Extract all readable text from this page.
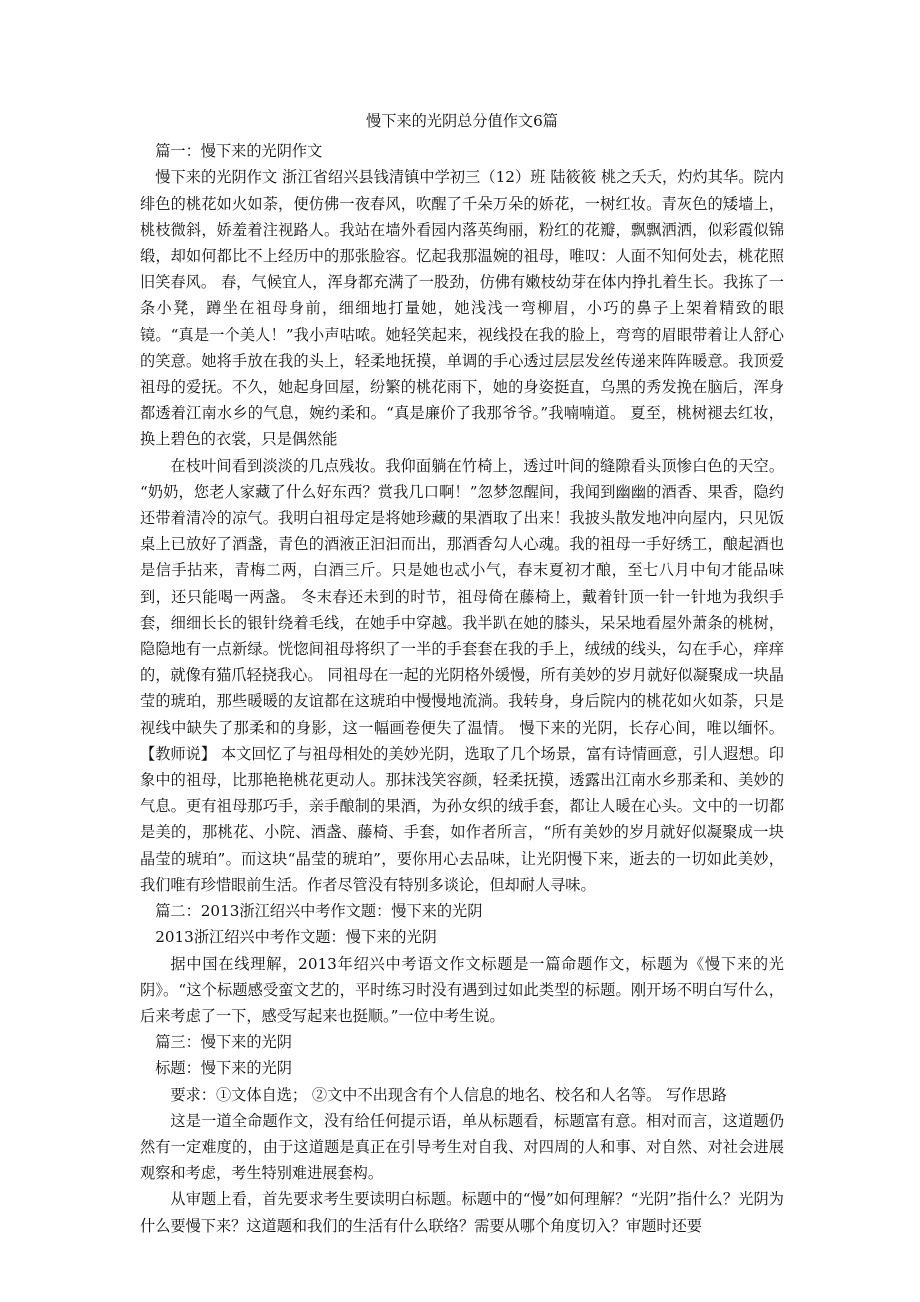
慢下来的光阴总分值作文6篇

篇一：慢下来的光阴作文

慢下来的光阴作文 浙江省绍兴县钱清镇中学初三（12）班 陆筱筱 桃之夭夭，灼灼其华。院内绯色的桃花如火如荼，便仿佛一夜春风，吹醒了千朵万朵的娇花，一树红妆。青灰色的矮墙上，桃枝微斜，娇羞着注视路人。我站在墙外看园内落英绚丽，粉红的花瓣，飘飘洒洒，似彩霞似锦缎，却如何都比不上经历中的那张脸容。忆起我那温婉的祖母，唯叹：人面不知何处去，桃花照旧笑春风。 春，气候宜人，浑身都充满了一股劲，仿佛有嫩枝幼芽在体内挣扎着生长。我拣了一条小凳，蹲坐在祖母身前，细细地打量她，她浅浅一弯柳眉，小巧的鼻子上架着精致的眼镜。“真是一个美人！”我小声咕哝。她轻笑起来，视线投在我的脸上，弯弯的眉眼带着让人舒心的笑意。她将手放在我的头上，轻柔地抚摸，单调的手心透过层层发丝传递来阵阵暖意。我顶爱祖母的爱抚。不久，她起身回屋，纷繁的桃花雨下，她的身姿挺直，乌黑的秀发挽在脑后，浑身都透着江南水乡的气息，婉约柔和。“真是廉价了我那爷爷。”我喃喃道。 夏至，桃树褪去红妆，换上碧色的衣裳，只是偶然能

在枝叶间看到淡淡的几点残妆。我仰面躺在竹椅上，透过叶间的缝隙看头顶惨白色的天空。 “奶奶，您老人家藏了什么好东西？赏我几口啊！”忽梦忽醒间，我闻到幽幽的酒香、果香，隐约还带着清冷的凉气。我明白祖母定是将她珍藏的果酒取了出来！我披头散发地冲向屋内，只见饭桌上已放好了酒盏，青色的酒液正汩汩而出，那酒香勾人心魂。我的祖母一手好绣工，酿起酒也是信手拈来，青梅二两，白酒三斤。只是她也忒小气，春末夏初才酿，至七八月中旬才能品味到，还只能喝一两盏。 冬末春还未到的时节，祖母倚在藤椅上，戴着针顶一针一针地为我织手套，细细长长的银针绕着毛线，在她手中穿越。我半趴在她的膝头，呆呆地看屋外萧条的桃树，隐隐地有一点新绿。恍惚间祖母将织了一半的手套套在我的手上，绒绒的线头，勾在手心，痒痒的，就像有猫爪轻挠我心。 同祖母在一起的光阴格外缓慢，所有美妙的岁月就好似凝聚成一块晶莹的琥珀，那些暖暖的友谊都在这琥珀中慢慢地流淌。我转身，身后院内的桃花如火如荼，只是视线中缺失了那柔和的身影，这一幅画卷便失了温情。 慢下来的光阴，长存心间，唯以缅怀。 【教师说】 本文回忆了与祖母相处的美妙光阴，选取了几个场景，富有诗情画意，引人遐想。印象中的祖母，比那艳艳桃花更动人。那抹浅笑容颜，轻柔抚摸，透露出江南水乡那柔和、美妙的气息。更有祖母那巧手，亲手酿制的果酒，为孙女织的绒手套，都让人暖在心头。文中的一切都是美的，那桃花、小院、酒盏、藤椅、手套，如作者所言，“所有美妙的岁月就好似凝聚成一块晶莹的琥珀”。而这块“晶莹的琥珀”，要你用心去品味，让光阴慢下来，逝去的一切如此美妙，我们唯有珍惜眼前生活。作者尽管没有特别多谈论，但却耐人寻味。

篇二：2013浙江绍兴中考作文题：慢下来的光阴

2013浙江绍兴中考作文题：慢下来的光阴

据中国在线理解，2013年绍兴中考语文作文标题是一篇命题作文，标题为《慢下来的光阴》。“这个标题感受蛮文艺的，平时练习时没有遇到过如此类型的标题。刚开场不明白写什么，后来考虑了一下，感受写起来也挺顺。”一位中考生说。

篇三：慢下来的光阴

标题：慢下来的光阴

要求：①文体自选； ②文中不出现含有个人信息的地名、校名和人名等。 写作思路

这是一道全命题作文，没有给任何提示语，单从标题看，标题富有意。相对而言，这道题仍然有一定难度的，由于这道题是真正在引导考生对自我、对四周的人和事、对自然、对社会进展观察和考虑，考生特别难进展套构。

从审题上看，首先要求考生要读明白标题。标题中的“慢”如何理解？“光阴”指什么？光阴为什么要慢下来？这道题和我们的生活有什么联络？需要从哪个角度切入？审题时还要
